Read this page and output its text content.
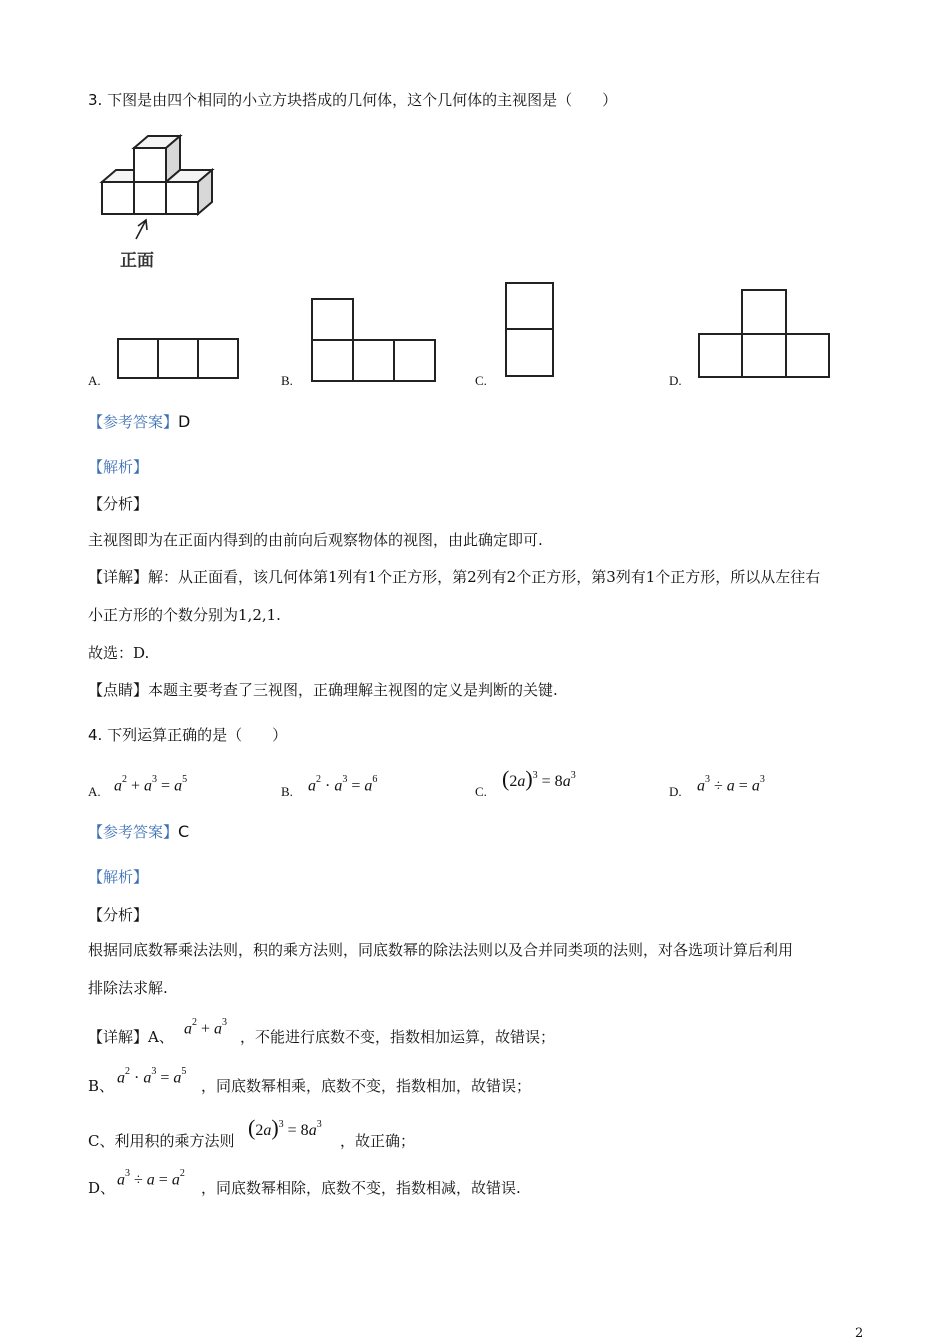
3. 下图是由四个相同的小立方块搭成的几何体，这个几何体的主视图是（　　）
正面
A.	B.	C.	D.
【参考答案】D
【解析】
【分析】
主视图即为在正面内得到的由前向后观察物体的视图，由此确定即可.
【详解】解：从正面看，该几何体第1列有1个正方形，第2列有2个正方形，第3列有1个正方形，所以从左往右
小正方形的个数分别为1,2,1.
故选：D.
【点睛】本题主要考查了三视图，正确理解主视图的定义是判断的关键.
4. 下列运算正确的是（　　）
A. $a^2 + a^3 = a^5$
B. $a^2 \cdot a^3 = a^6$
C.
$(2a)^3 = 8a^3$
D. $a^3 \div a = a^3$
【参考答案】C
【解析】
【分析】
根据同底数幂乘法法则，积的乘方法则，同底数幂的除法法则以及合并同类项的法则，对各选项计算后利用
排除法求解.
【详解】A、 $a^2 + a^3$
，不能进行底数不变，指数相加运算，故错误；
B、 $a^2 \cdot a^3 = a^5$
，同底数幂相乘，底数不变，指数相加，故错误；
C、利用积的乘方法则
$(2a)^3 = 8a^3$
，故正确；
D、 $a^3 \div a = a^2$
，同底数幂相除，底数不变，指数相减，故错误.
2
